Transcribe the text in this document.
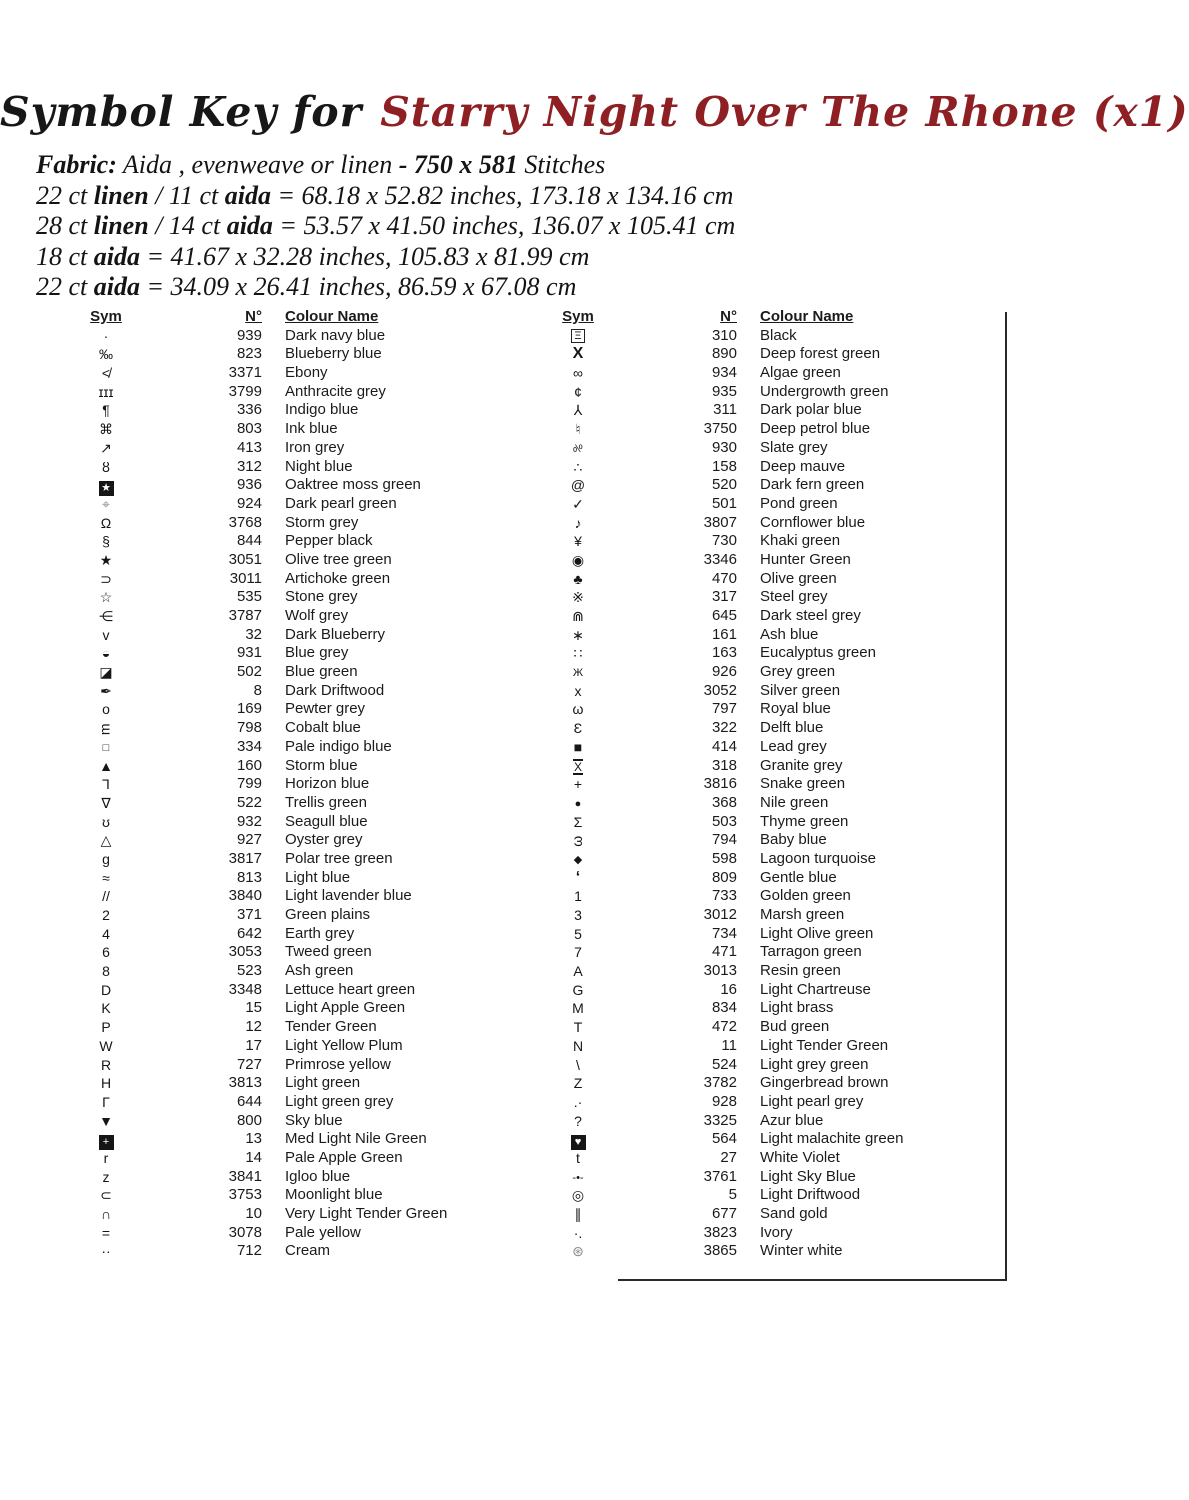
Symbol Key for Starry Night Over The Rhone (x1)
Fabric: Aida , evenweave or linen - 750 x 581 Stitches
22 ct linen / 11 ct aida = 68.18 x 52.82 inches, 173.18 x 134.16 cm
28 ct linen / 14 ct aida = 53.57 x 41.50 inches, 136.07 x 105.41 cm
18 ct aida = 41.67 x 32.28 inches, 105.83 x 81.99 cm
22 ct aida = 34.09 x 26.41 inches, 86.59 x 67.08 cm
Sym	N°	Colour Name
·	939	Dark navy blue
‰	823	Blueberry blue
≮	3371	Ebony
ɪɪɪ	3799	Anthracite grey
¶	336	Indigo blue
⌘	803	Ink blue
↗	413	Iron grey
ȣ	312	Night blue
★	936	Oaktree moss green
⌖	924	Dark pearl green
Ω	3768	Storm grey
§	844	Pepper black
★	3051	Olive tree green
⊃	3011	Artichoke green
☆	535	Stone grey
⋲	3787	Wolf grey
ᴠ	32	Dark Blueberry
◒	931	Blue grey
◪	502	Blue green
✒	8	Dark Driftwood
o	169	Pewter grey
m	798	Cobalt blue
□	334	Pale indigo blue
▲	160	Storm blue
Γ	799	Horizon blue
∇	522	Trellis green
ʊ	932	Seagull blue
△	927	Oyster grey
g	3817	Polar tree green
≈	813	Light blue
//	3840	Light lavender blue
2	371	Green plains
4	642	Earth grey
6	3053	Tweed green
8	523	Ash green
D	3348	Lettuce heart green
K	15	Light Apple Green
P	12	Tender Green
W	17	Light Yellow Plum
R	727	Primrose yellow
H	3813	Light green
Γ	644	Light green grey
▼	800	Sky blue
+	13	Med Light Nile Green
r	14	Pale Apple Green
z	3841	Igloo blue
⊂	3753	Moonlight blue
∩	10	Very Light Tender Green
=	3078	Pale yellow
··	712	Cream
Sym	N°	Colour Name
Ξ	310	Black
X	890	Deep forest green
∞	934	Algae green
¢	935	Undergrowth green
⅄	311	Dark polar blue
♮	3750	Deep petrol blue
%	930	Slate grey
∴	158	Deep mauve
@	520	Dark fern green
✓	501	Pond green
♪	3807	Cornflower blue
¥	730	Khaki green
◉	3346	Hunter Green
♣	470	Olive green
※	317	Steel grey
⋒	645	Dark steel grey
∗	161	Ash blue
∷	163	Eucalyptus green
Ж	926	Grey green
x	3052	Silver green
ω	797	Royal blue
Ɛ	322	Delft blue
■	414	Lead grey
X	318	Granite grey
+	3816	Snake green
●	368	Nile green
Σ	503	Thyme green
ω	794	Baby blue
◆	598	Lagoon turquoise
‘	809	Gentle blue
1	733	Golden green
3	3012	Marsh green
5	734	Light Olive green
7	471	Tarragon green
A	3013	Resin green
G	16	Light Chartreuse
M	834	Light brass
T	472	Bud green
N	11	Light Tender Green
\	524	Light grey green
Z	3782	Gingerbread brown
.·	928	Light pearl grey
?	3325	Azur blue
♥	564	Light malachite green
t	27	White Violet
-•-	3761	Light Sky Blue
◎	5	Light Driftwood
∥	677	Sand gold
·.	3823	Ivory
⊛	3865	Winter white
